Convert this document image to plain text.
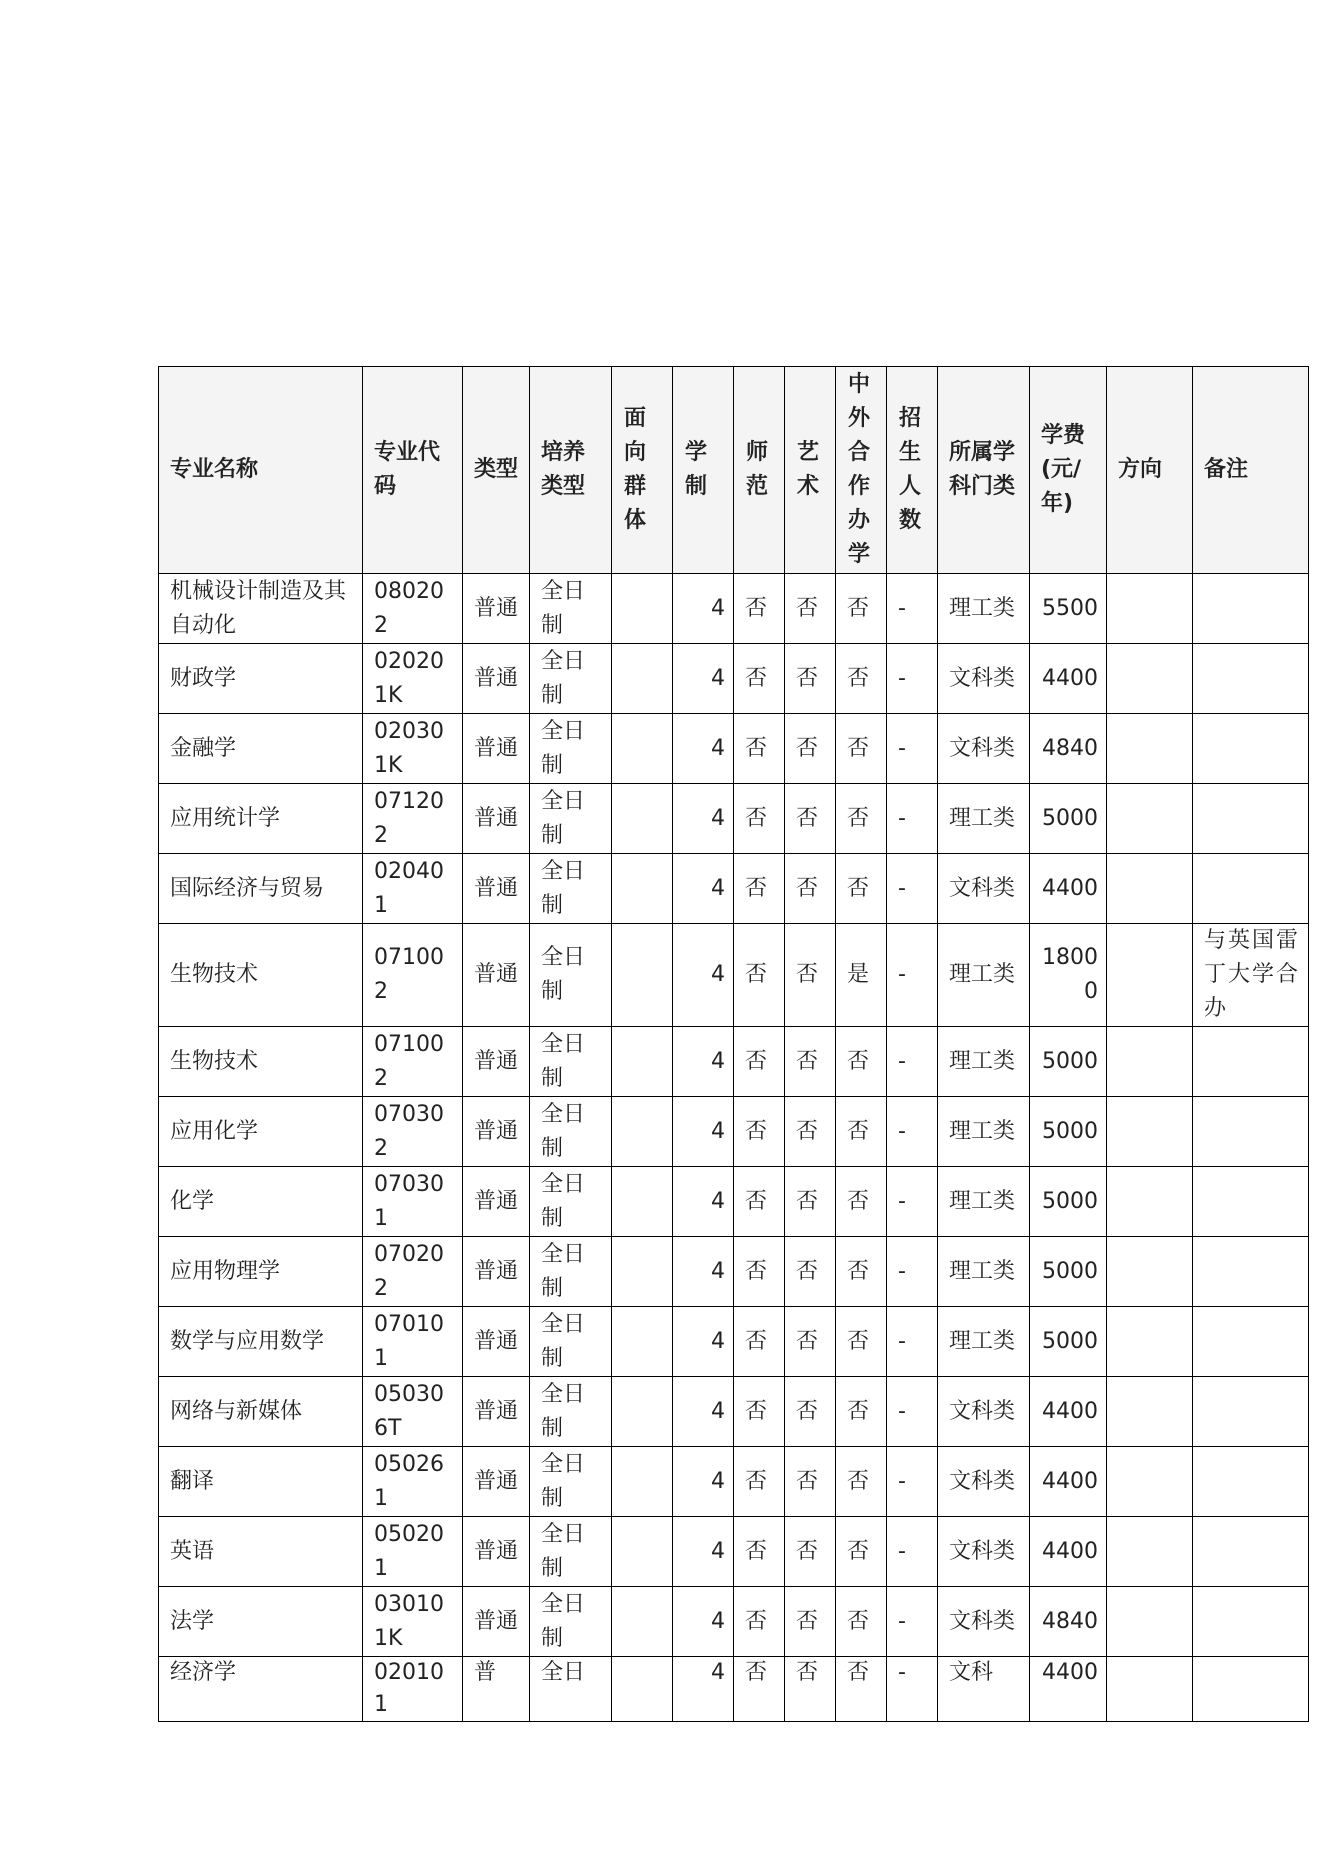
专业名称	专业代码	类型	培养类型	面向群体	学制	师范	艺术	中外合作办学	招生人数	所属学科门类	学费(元/年)	方向	备注
机械设计制造及其自动化	080202	普通	全日制		4	否	否	否	-	理工类	5500		

财政学	020201K	普通	全日制		4	否	否	否	-	文科类	4400		

金融学	020301K	普通	全日制		4	否	否	否	-	文科类	4840		

应用统计学	071202	普通	全日制		4	否	否	否	-	理工类	5000		

国际经济与贸易	020401	普通	全日制		4	否	否	否	-	文科类	4400		

生物技术	071002	普通	全日制		4	否	否	是	-	理工类	18000		与英国雷丁大学合办

生物技术	071002	普通	全日制		4	否	否	否	-	理工类	5000		

应用化学	070302	普通	全日制		4	否	否	否	-	理工类	5000		

化学	070301	普通	全日制		4	否	否	否	-	理工类	5000		

应用物理学	070202	普通	全日制		4	否	否	否	-	理工类	5000		

数学与应用数学	070101	普通	全日制		4	否	否	否	-	理工类	5000		

网络与新媒体	050306T	普通	全日制		4	否	否	否	-	文科类	4400		

翻译	050261	普通	全日制		4	否	否	否	-	文科类	4400		

英语	050201	普通	全日制		4	否	否	否	-	文科类	4400		

法学	030101K	普通	全日制		4	否	否	否	-	文科类	4840		

经济学	020101	普	全日		4	否	否	否	-	文科	4400		
